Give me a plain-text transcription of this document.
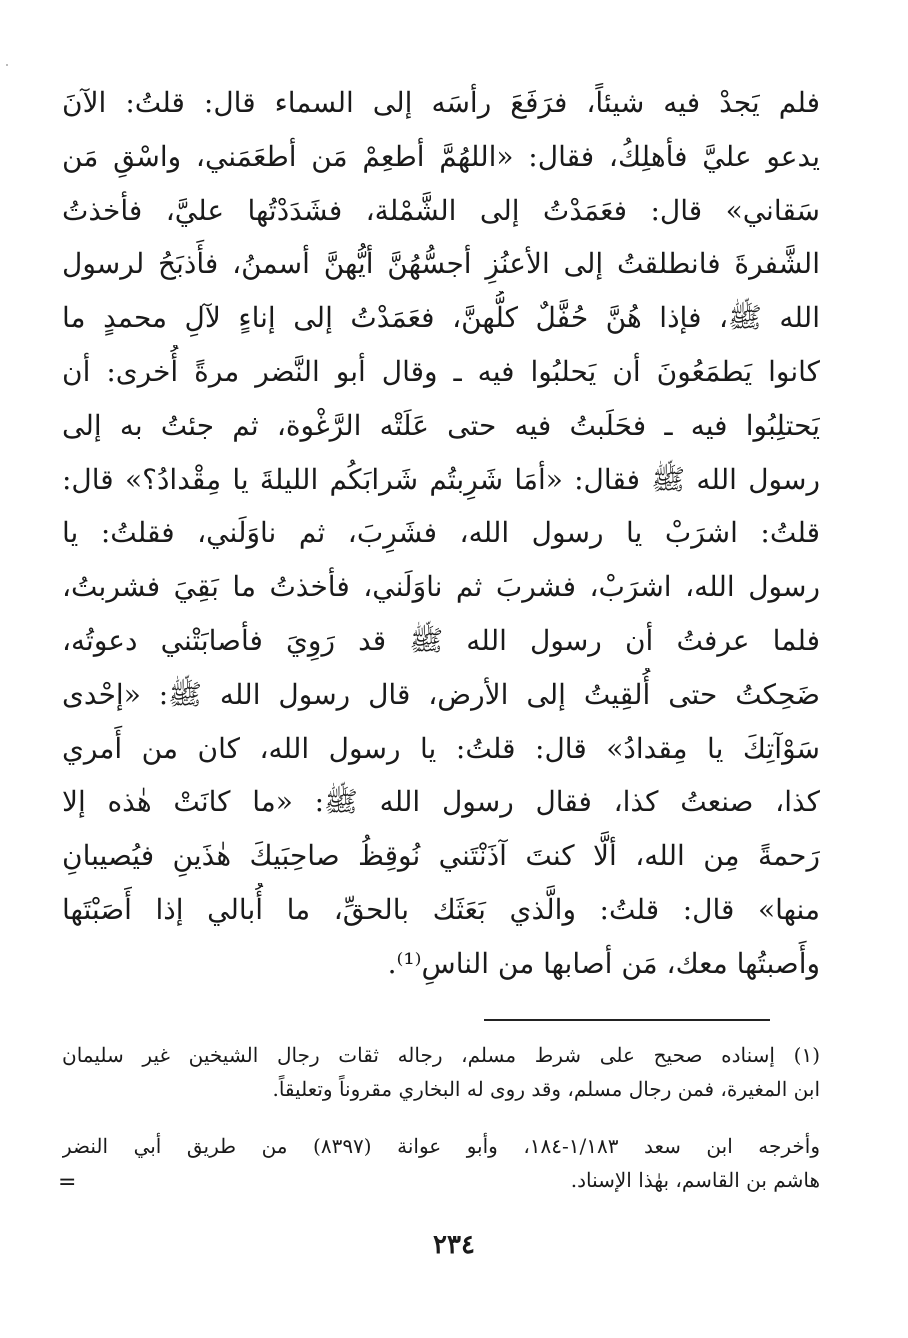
فلم يَجدْ فيه شيئاً، فرَفَعَ رأسَه إلى السماء قال: قلتُ: الآنَ
يدعو عليَّ فأهلِكُ، فقال: «اللهُمَّ أطعِمْ مَن أطعَمَني، واسْقِ مَن
سَقاني» قال: فعَمَدْتُ إلى الشَّمْلة، فشَدَدْتُها عليَّ، فأخذتُ
الشَّفرةَ فانطلقتُ إلى الأعنُزِ أجسُّهُنَّ أيُّهنَّ أسمنُ، فأَذبَحُ لرسول
الله ﷺ، فإذا هُنَّ حُفَّلٌ كلُّهنَّ، فعَمَدْتُ إلى إناءٍ لآلِ محمدٍ ما
كانوا يَطمَعُونَ أن يَحلبُوا فيه ـ وقال أبو النَّضر مرةً أُخرى: أن
يَحتلِبُوا فيه ـ فحَلَبتُ فيه حتى عَلَتْه الرَّغْوة، ثم جئتُ به إلى
رسول الله ﷺ فقال: «أمَا شَرِبتُم شَرابَكُم الليلةَ يا مِقْدادُ؟» قال:
قلتُ: اشرَبْ يا رسول الله، فشَرِبَ، ثم ناوَلَني، فقلتُ: يا
رسول الله، اشرَبْ، فشربَ ثم ناوَلَني، فأخذتُ ما بَقِيَ فشربتُ،
فلما عرفتُ أن رسول الله ﷺ قد رَوِيَ فأصابَتْني دعوتُه،
ضَحِكتُ حتى أُلقِيتُ إلى الأرض، قال رسول الله ﷺ: «إحْدى
سَوْآتِكَ يا مِقدادُ» قال: قلتُ: يا رسول الله، كان من أَمري
كذا، صنعتُ كذا، فقال رسول الله ﷺ: «ما كانَتْ هٰذه إلا
رَحمةً مِن الله، ألَّا كنتَ آذَنْتَني نُوقِظُ صاحِبَيكَ هٰذَينِ فيُصيبانِ
منها» قال: قلتُ: والَّذي بَعَثَك بالحقِّ، ما أُبالي إذا أَصَبْتَها
وأَصبتُها معك، مَن أصابها من الناسِ⁽¹⁾.
(١) إسناده صحيح على شرط مسلم، رجاله ثقات رجال الشيخين غير سليمان
ابن المغيرة، فمن رجال مسلم، وقد روى له البخاري مقروناً وتعليقاً.
وأخرجه ابن سعد ١/١٨٣-١٨٤، وأبو عوانة (٨٣٩٧) من طريق أبي النضر
هاشم بن القاسم، بهٰذا الإسناد.
=
٢٣٤
